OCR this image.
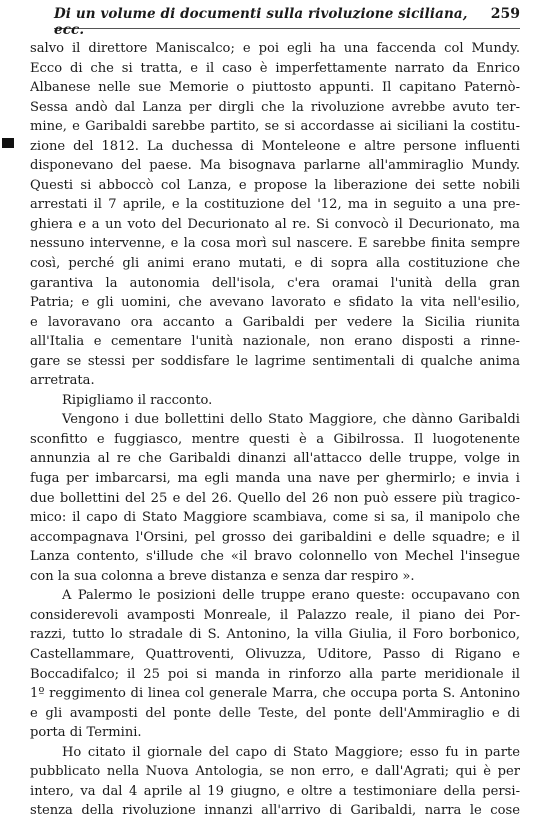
Di un volume di documenti sulla rivoluzione siciliana, ecc.
259
salvo il direttore Maniscalco; e poi egli ha una faccenda col Mundy.
Ecco di che si tratta, e il caso è imperfettamente narrato da Enrico
Albanese nelle sue Memorie o piuttosto appunti. Il capitano Paternò-
Sessa andò dal Lanza per dirgli che la rivoluzione avrebbe avuto ter-
mine, e Garibaldi sarebbe partito, se si accordasse ai siciliani la costitu-
zione del 1812. La duchessa di Monteleone e altre persone influenti
disponevano del paese. Ma bisognava parlarne all'ammiraglio Mundy.
Questi si abboccò col Lanza, e propose la liberazione dei sette nobili
arrestati il 7 aprile, e la costituzione del '12, ma in seguito a una pre-
ghiera e a un voto del Decurionato al re. Si convocò il Decurionato, ma
nessuno intervenne, e la cosa morì sul nascere. E sarebbe finita sempre
così, perché gli animi erano mutati, e di sopra alla costituzione che
garantiva la autonomia dell'isola, c'era oramai l'unità della gran
Patria; e gli uomini, che avevano lavorato e sfidato la vita nell'esilio,
e lavoravano ora accanto a Garibaldi per vedere la Sicilia riunita
all'Italia e cementare l'unità nazionale, non erano disposti a rinne-
gare se stessi per soddisfare le lagrime sentimentali di qualche anima
arretrata.
Ripigliamo il racconto.
Vengono i due bollettini dello Stato Maggiore, che dànno Garibaldi
sconfitto e fuggiasco, mentre questi è a Gibilrossa. Il luogotenente
annunzia al re che Garibaldi dinanzi all'attacco delle truppe, volge in
fuga per imbarcarsi, ma egli manda una nave per ghermirlo; e invia i
due bollettini del 25 e del 26. Quello del 26 non può essere più tragico-
mico: il capo di Stato Maggiore scambiava, come si sa, il manipolo che
accompagnava l'Orsini, pel grosso dei garibaldini e delle squadre; e il
Lanza contento, s'illude che «il bravo colonnello von Mechel l'insegue
con la sua colonna a breve distanza e senza dar respiro ».
A Palermo le posizioni delle truppe erano queste: occupavano con
considerevoli avamposti Monreale, il Palazzo reale, il piano dei Por-
razzi, tutto lo stradale di S. Antonino, la villa Giulia, il Foro borbonico,
Castellammare, Quattroventi, Olivuzza, Uditore, Passo di Rigano e
Boccadifalco; il 25 poi si manda in rinforzo alla parte meridionale il
1º reggimento di linea col generale Marra, che occupa porta S. Antonino
e gli avamposti del ponte delle Teste, del ponte dell'Ammiraglio e di
porta di Termini.
Ho citato il giornale del capo di Stato Maggiore; esso fu in parte
pubblicato nella Nuova Antologia, se non erro, e dall'Agrati; qui è per
intero, va dal 4 aprile al 19 giugno, e oltre a testimoniare della persi-
stenza della rivoluzione innanzi all'arrivo di Garibaldi, narra le cose
